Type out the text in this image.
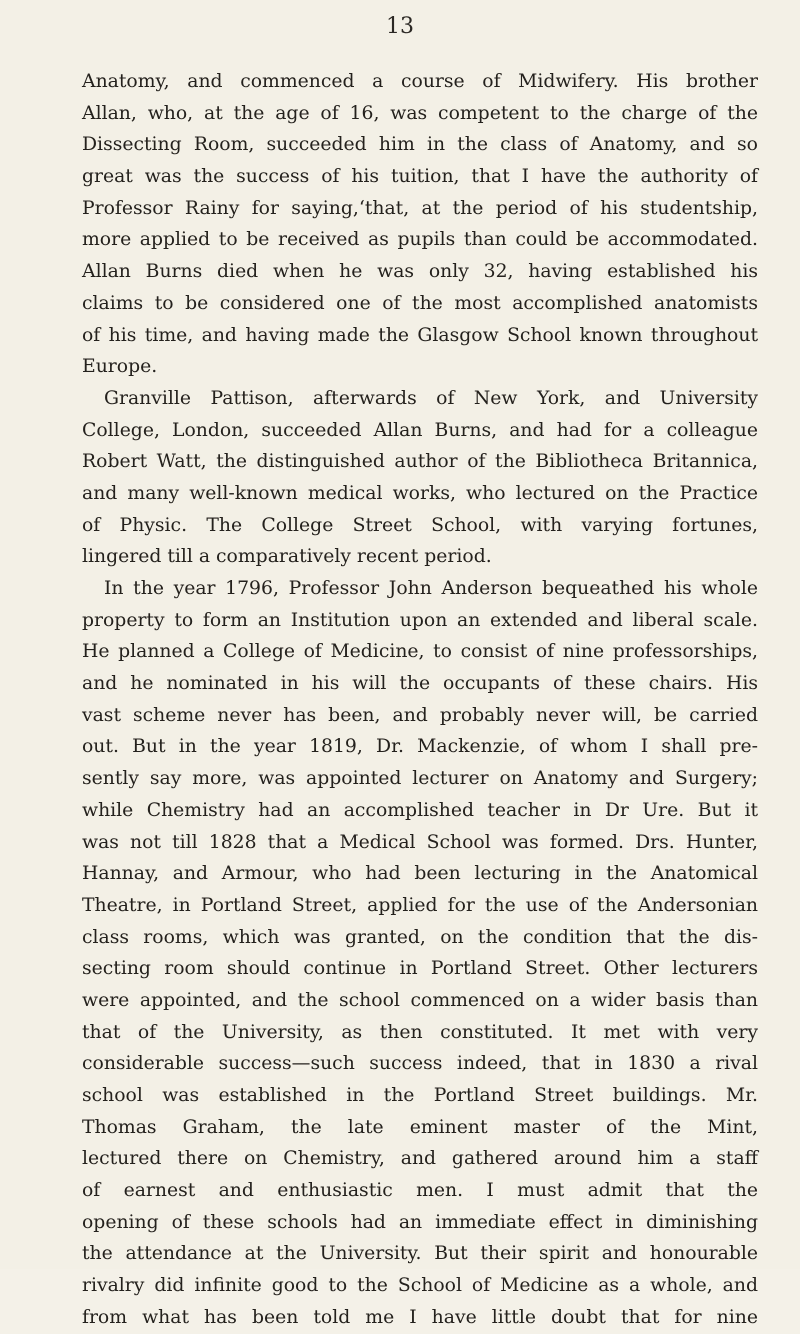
13
Anatomy, and commenced a course of Midwifery. His brother
Allan, who, at the age of 16, was competent to the charge of the
Dissecting Room, succeeded him in the class of Anatomy, and so
great was the success of his tuition, that I have the authority of
Professor Rainy for saying,‘that, at the period of his studentship,
more applied to be received as pupils than could be accommodated.
Allan Burns died when he was only 32, having established his
claims to be considered one of the most accomplished anatomists
of his time, and having made the Glasgow School known throughout
Europe.
Granville Pattison, afterwards of New York, and University
College, London, succeeded Allan Burns, and had for a colleague
Robert Watt, the distinguished author of the Bibliotheca Britannica,
and many well-known medical works, who lectured on the Practice
of Physic. The College Street School, with varying fortunes,
lingered till a comparatively recent period.
In the year 1796, Professor John Anderson bequeathed his whole
property to form an Institution upon an extended and liberal scale.
He planned a College of Medicine, to consist of nine professorships,
and he nominated in his will the occupants of these chairs. His
vast scheme never has been, and probably never will, be carried
out. But in the year 1819, Dr. Mackenzie, of whom I shall pre-
sently say more, was appointed lecturer on Anatomy and Surgery;
while Chemistry had an accomplished teacher in Dr Ure. But it
was not till 1828 that a Medical School was formed. Drs. Hunter,
Hannay, and Armour, who had been lecturing in the Anatomical
Theatre, in Portland Street, applied for the use of the Andersonian
class rooms, which was granted, on the condition that the dis-
secting room should continue in Portland Street. Other lecturers
were appointed, and the school commenced on a wider basis than
that of the University, as then constituted. It met with very
considerable success—such success indeed, that in 1830 a rival
school was established in the Portland Street buildings. Mr.
Thomas Graham, the late eminent master of the Mint,
lectured there on Chemistry, and gathered around him a staff
of earnest and enthusiastic men. I must admit that the
opening of these schools had an immediate effect in diminishing
the attendance at the University. But their spirit and honourable
rivalry did infinite good to the School of Medicine as a whole, and
from what has been told me I have little doubt that for nine
